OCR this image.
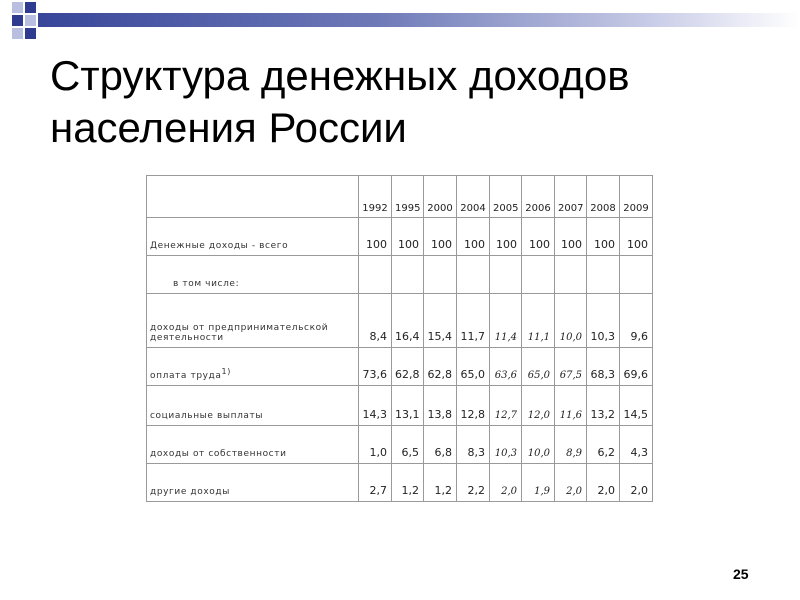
Структура денежных доходов
населения России
	1992	1995	2000	2004	2005	2006	2007	2008	2009
Денежные доходы - всего	100	100	100	100	100	100	100	100	100
в том числе:									
доходы от предпринимательской деятельности	8,4	16,4	15,4	11,7	11,4	11,1	10,0	10,3	9,6
оплата труда$^{1)}$	73,6	62,8	62,8	65,0	63,6	65,0	67,5	68,3	69,6
социальные выплаты	14,3	13,1	13,8	12,8	12,7	12,0	11,6	13,2	14,5
доходы от собственности	1,0	6,5	6,8	8,3	10,3	10,0	8,9	6,2	4,3
другие доходы	2,7	1,2	1,2	2,2	2,0	1,9	2,0	2,0	2,0
25
